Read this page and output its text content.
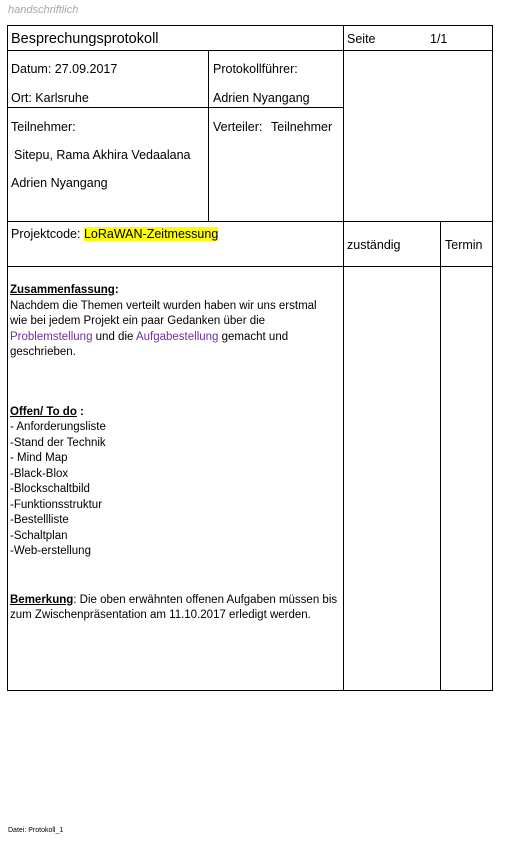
handschriftlich
Besprechungsprotokoll	Seite	1/1
Datum: 27.09.2017
Ort: Karlsruhe
Protokollführer:
Adrien Nyangang
Teilnehmer:
Sitepu, Rama Akhira Vedaalana
Adrien Nyangang
Verteiler: Teilnehmer
Projektcode: LoRaWAN-Zeitmessung
zuständig	Termin

Zusammenfassung:

Nachdem die Themen verteilt wurden haben wir uns erstmal

wie bei jedem Projekt ein paar Gedanken über die

Problemstellung und die Aufgabestellung gemacht und

geschrieben.

Offen/ To do :

- Anforderungsliste

-Stand der Technik

- Mind Map

-Black-Blox

-Blockschaltbild

-Funktionsstruktur

-Bestellliste

-Schaltplan

-Web-erstellung

Bemerkung: Die oben erwähnten offenen Aufgaben müssen bis

zum Zwischenpräsentation am 11.10.2017 erledigt werden.

Datei: Protokoll_1
